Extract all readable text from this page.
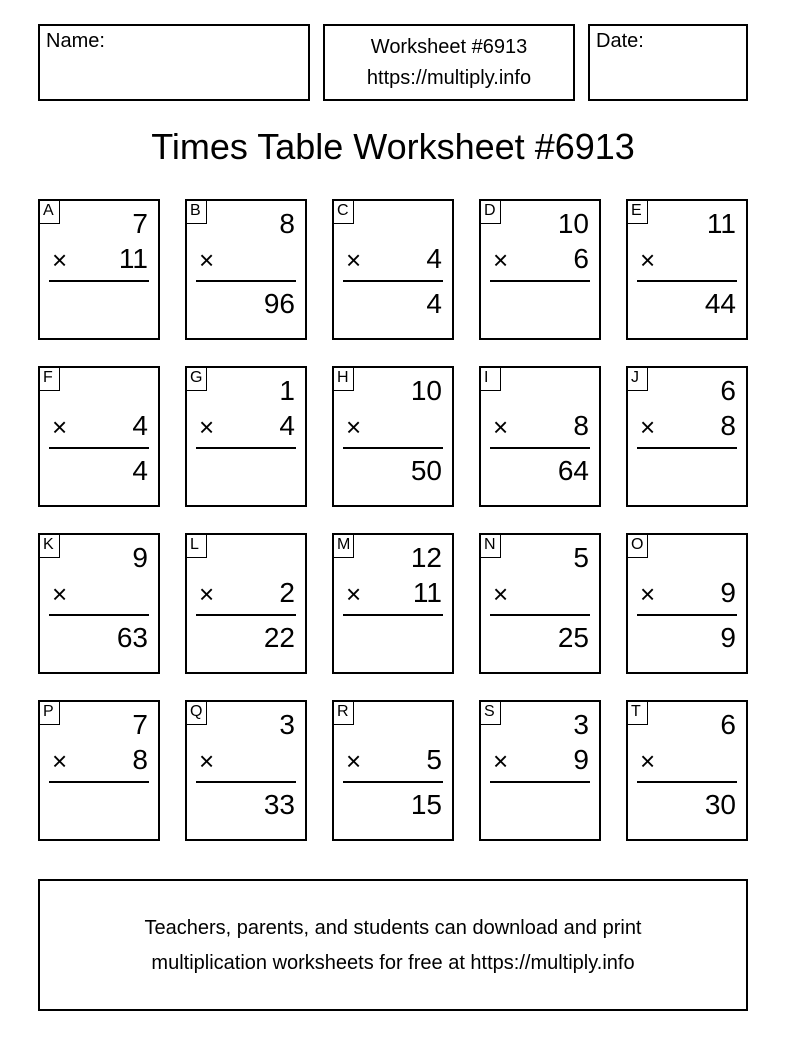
Name:	Worksheet #6913
https://multiply.info
Date:
Times Table Worksheet #6913
A	7
× 11
B	8
×
96
C
× 4
4
D 10
× 6
E 11
×
44
F
× 4
4
G	1
× 4
H 10
×
50
I
× 8
64
J	6
× 8
K	9
×
63
L
× 2
22
M 12
× 11
N	5
×
25
O
× 9
9
P	7
× 8
Q	3
×
33
R
× 5
15
S	3
× 9
T	6
×
30
Teachers, parents, and students can download and print
multiplication worksheets for free at https://multiply.info
